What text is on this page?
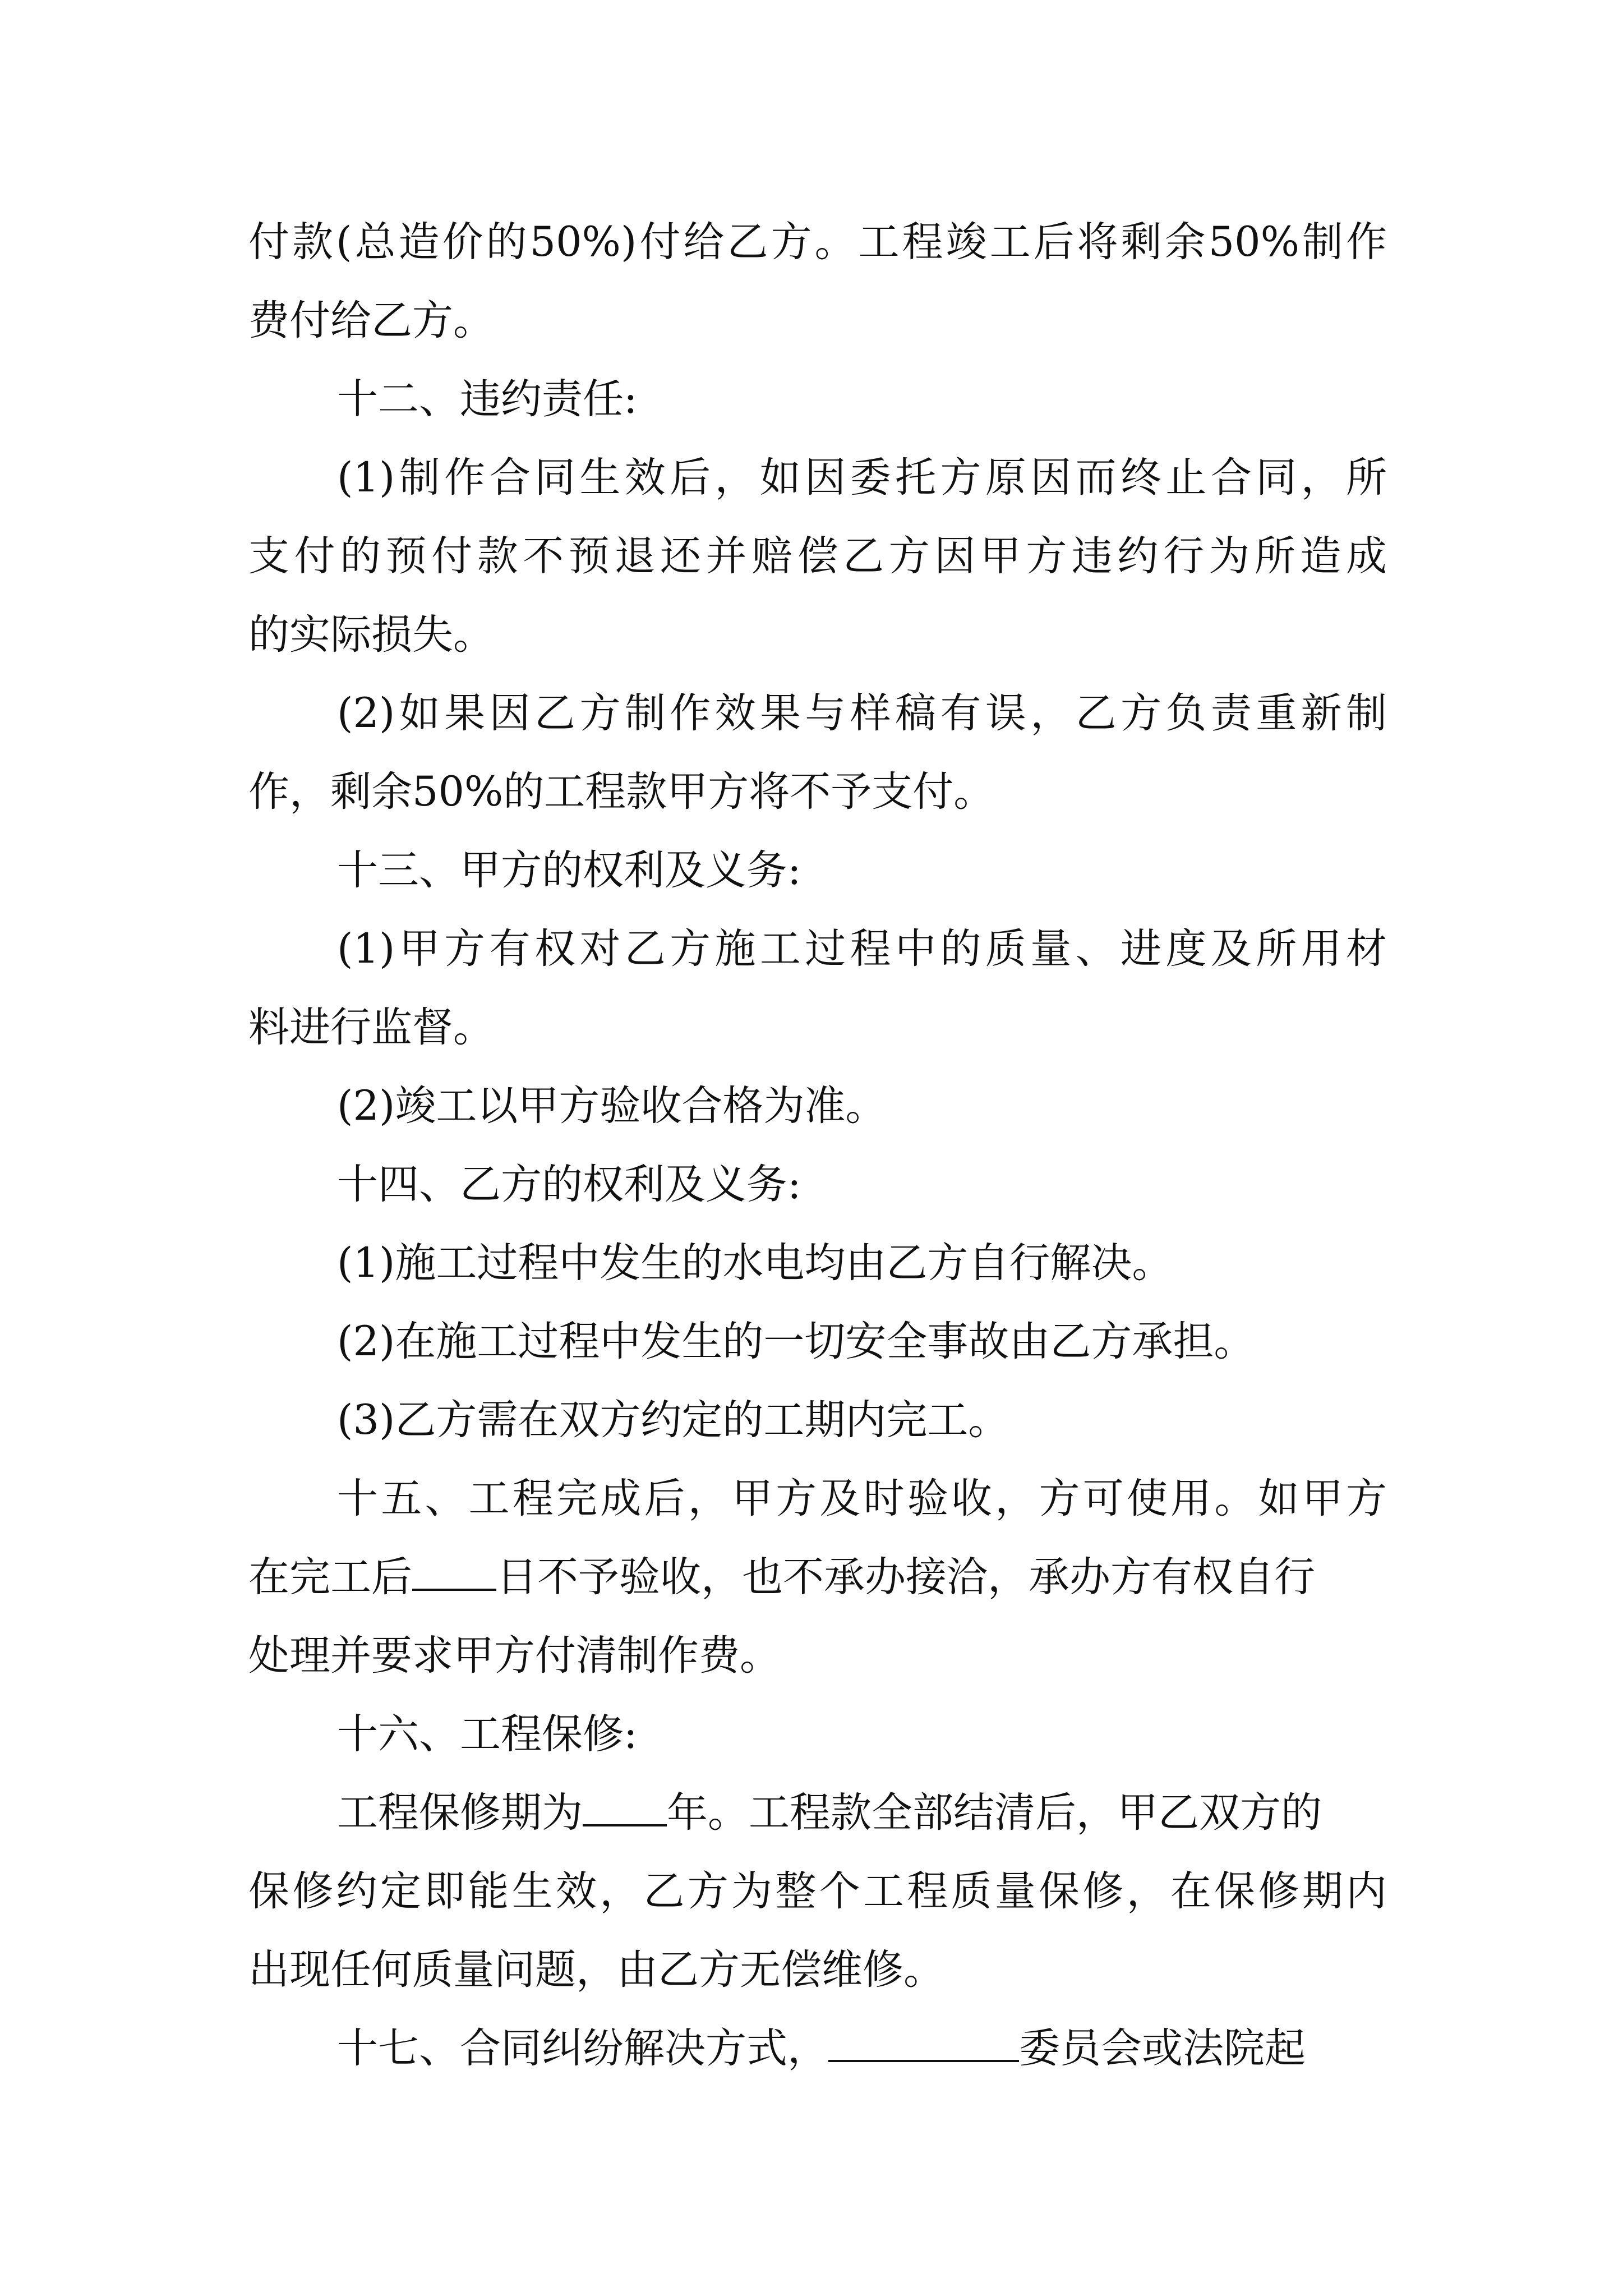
付款(总造价的50%)付给乙方。工程竣工后将剩余50%制作
费付给乙方。
十二、违约责任:
(1)制作合同生效后，如因委托方原因而终止合同，所
支付的预付款不预退还并赔偿乙方因甲方违约行为所造成
的实际损失。
(2)如果因乙方制作效果与样稿有误，乙方负责重新制
作，剩余50%的工程款甲方将不予支付。
十三、甲方的权利及义务:
(1)甲方有权对乙方施工过程中的质量、进度及所用材
料进行监督。
(2)竣工以甲方验收合格为准。
十四、乙方的权利及义务:
(1)施工过程中发生的水电均由乙方自行解决。
(2)在施工过程中发生的一切安全事故由乙方承担。
(3)乙方需在双方约定的工期内完工。
十五、工程完成后，甲方及时验收，方可使用。如甲方
在完工后 日不予验收，也不承办接洽，承办方有权自行
处理并要求甲方付清制作费。
十六、工程保修:
工程保修期为 年。工程款全部结清后，甲乙双方的
保修约定即能生效，乙方为整个工程质量保修，在保修期内
出现任何质量问题，由乙方无偿维修。
十七、合同纠纷解决方式，	委员会或法院起
